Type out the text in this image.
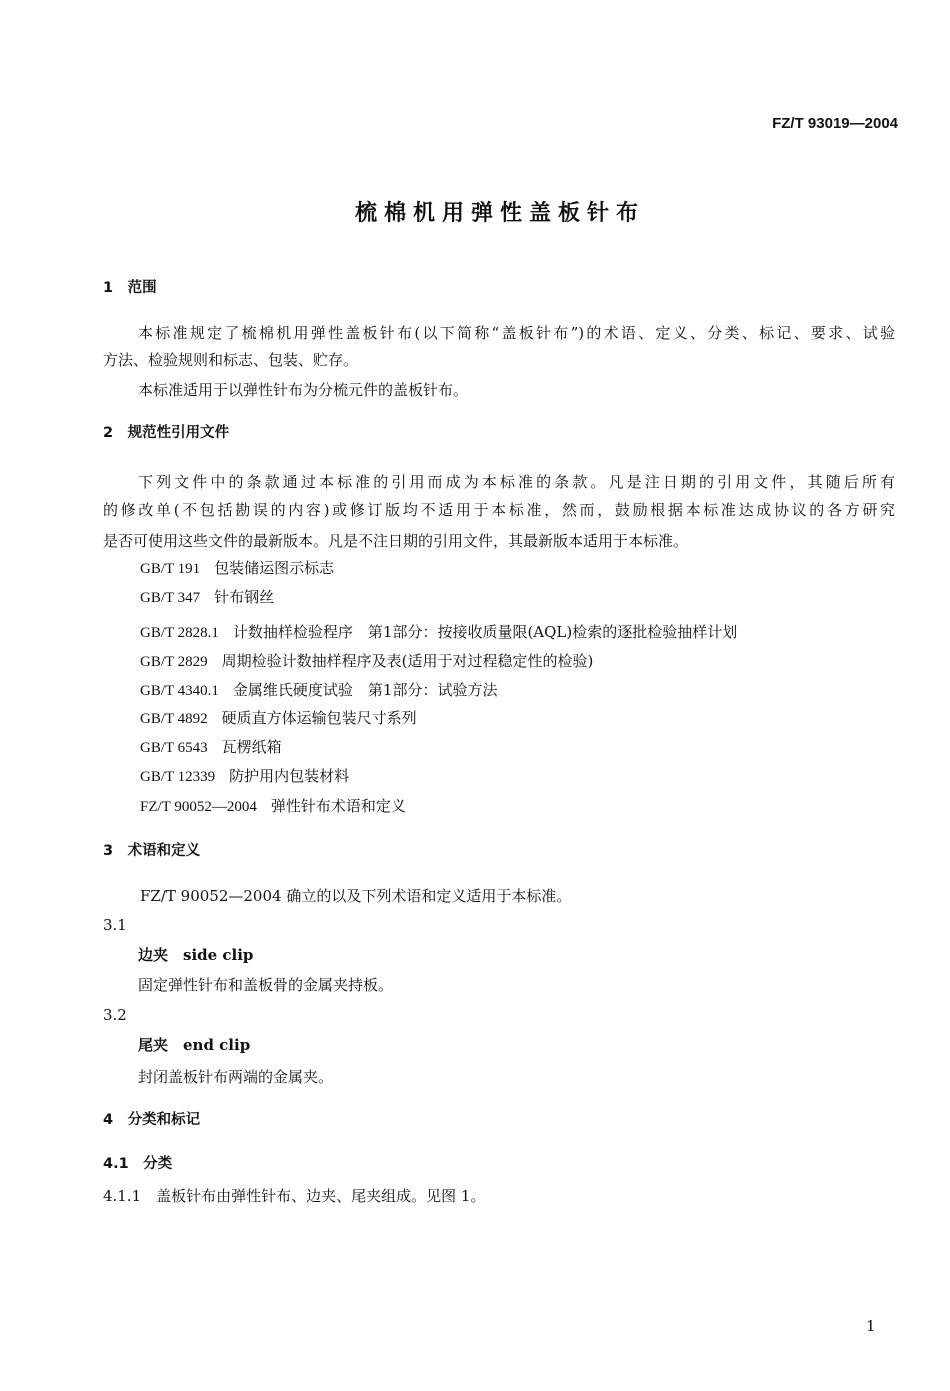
FZ/T 93019—2004
梳棉机用弹性盖板针布
1　范围
本标准规定了梳棉机用弹性盖板针布(以下简称“盖板针布”)的术语、定义、分类、标记、要求、试验
方法、检验规则和标志、包装、贮存。
本标准适用于以弹性针布为分梳元件的盖板针布。
2　规范性引用文件
下列文件中的条款通过本标准的引用而成为本标准的条款。凡是注日期的引用文件，其随后所有
的修改单(不包括勘误的内容)或修订版均不适用于本标准，然而，鼓励根据本标准达成协议的各方研究
是否可使用这些文件的最新版本。凡是不注日期的引用文件，其最新版本适用于本标准。
GB/T 191 包装储运图示标志
GB/T 347 针布钢丝
GB/T 2828.1 计数抽样检验程序　第1部分：按接收质量限(AQL)检索的逐批检验抽样计划
GB/T 2829 周期检验计数抽样程序及表(适用于对过程稳定性的检验)
GB/T 4340.1 金属维氏硬度试验　第1部分：试验方法
GB/T 4892 硬质直方体运输包装尺寸系列
GB/T 6543 瓦楞纸箱
GB/T 12339 防护用内包装材料
FZ/T 90052—2004 弹性针布术语和定义
3　术语和定义
FZ/T 90052—2004 确立的以及下列术语和定义适用于本标准。
3.1
边夹　side clip
固定弹性针布和盖板骨的金属夹持板。
3.2
尾夹　end clip
封闭盖板针布两端的金属夹。
4　分类和标记
4.1　分类
4.1.1　盖板针布由弹性针布、边夹、尾夹组成。见图 1。
1
